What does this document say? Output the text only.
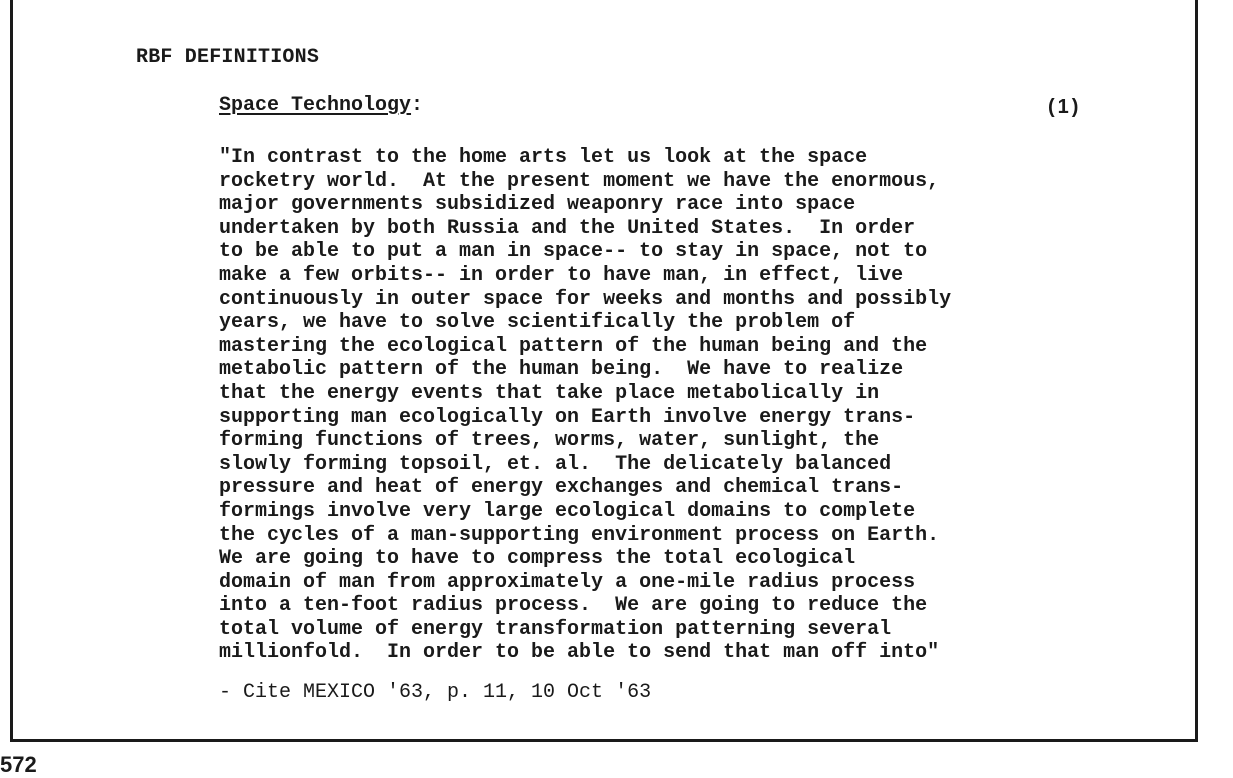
RBF DEFINITIONS
Space Technology:	(1)
"In contrast to the home arts let us look at the space
rocketry world.  At the present moment we have the enormous,
major governments subsidized weaponry race into space
undertaken by both Russia and the United States.  In order
to be able to put a man in space-- to stay in space, not to
make a few orbits-- in order to have man, in effect, live
continuously in outer space for weeks and months and possibly
years, we have to solve scientifically the problem of
mastering the ecological pattern of the human being and the
metabolic pattern of the human being.  We have to realize
that the energy events that take place metabolically in
supporting man ecologically on Earth involve energy trans-
forming functions of trees, worms, water, sunlight, the
slowly forming topsoil, et. al.  The delicately balanced
pressure and heat of energy exchanges and chemical trans-
formings involve very large ecological domains to complete
the cycles of a man-supporting environment process on Earth.
We are going to have to compress the total ecological
domain of man from approximately a one-mile radius process
into a ten-foot radius process.  We are going to reduce the
total volume of energy transformation patterning several
millionfold.  In order to be able to send that man off into"
- Cite MEXICO '63, p. 11, 10 Oct '63
572
